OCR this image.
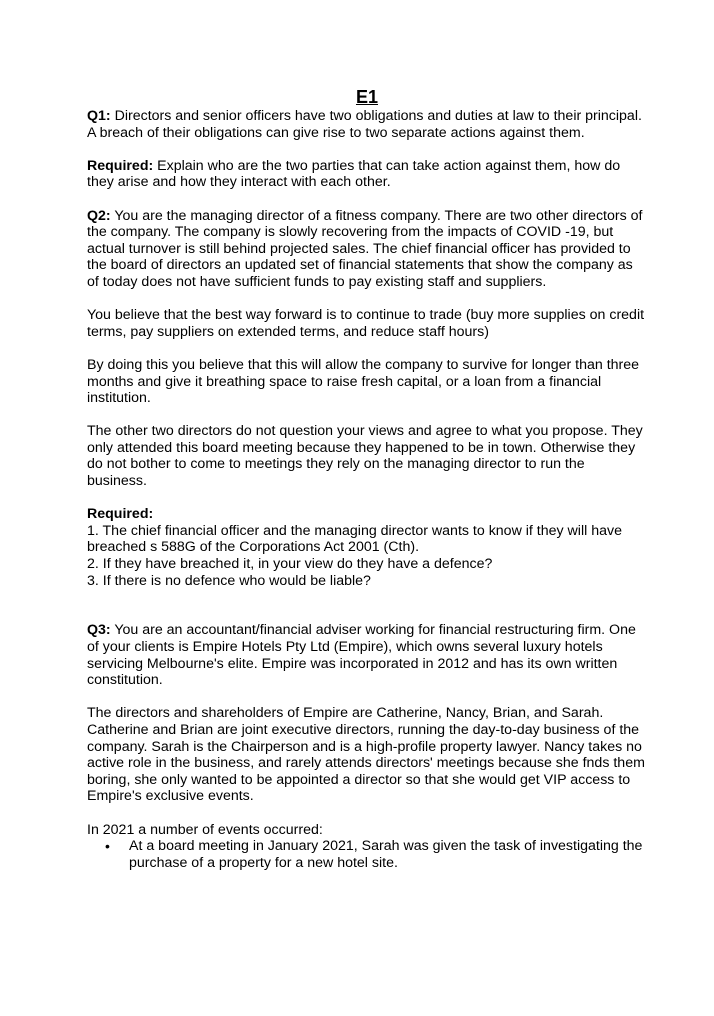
E1

Q1: Directors and senior officers have two obligations and duties at law to their principal. A breach of their obligations can give rise to two separate actions against them.

Required: Explain who are the two parties that can take action against them, how do they arise and how they interact with each other.

Q2: You are the managing director of a fitness company. There are two other directors of the company. The company is slowly recovering from the impacts of COVID -19, but actual turnover is still behind projected sales. The chief financial officer has provided to the board of directors an updated set of financial statements that show the company as of today does not have sufficient funds to pay existing staff and suppliers.

You believe that the best way forward is to continue to trade (buy more supplies on credit terms, pay suppliers on extended terms, and reduce staff hours)

By doing this you believe that this will allow the company to survive for longer than three months and give it breathing space to raise fresh capital, or a loan from a financial institution.

The other two directors do not question your views and agree to what you propose. They only attended this board meeting because they happened to be in town. Otherwise they do not bother to come to meetings they rely on the managing director to run the business.

Required:

1. The chief financial officer and the managing director wants to know if they will have breached s 588G of the Corporations Act 2001 (Cth).

2. If they have breached it, in your view do they have a defence?

3. If there is no defence who would be liable?

Q3: You are an accountant/financial adviser working for financial restructuring firm. One of your clients is Empire Hotels Pty Ltd (Empire), which owns several luxury hotels servicing Melbourne's elite. Empire was incorporated in 2012 and has its own written constitution.

The directors and shareholders of Empire are Catherine, Nancy, Brian, and Sarah. Catherine and Brian are joint executive directors, running the day-to-day business of the company. Sarah is the Chairperson and is a high-profile property lawyer. Nancy takes no active role in the business, and rarely attends directors' meetings because she fnds them boring, she only wanted to be appointed a director so that she would get VIP access to Empire's exclusive events.

In 2021 a number of events occurred:

• At a board meeting in January 2021, Sarah was given the task of investigating the purchase of a property for a new hotel site.
